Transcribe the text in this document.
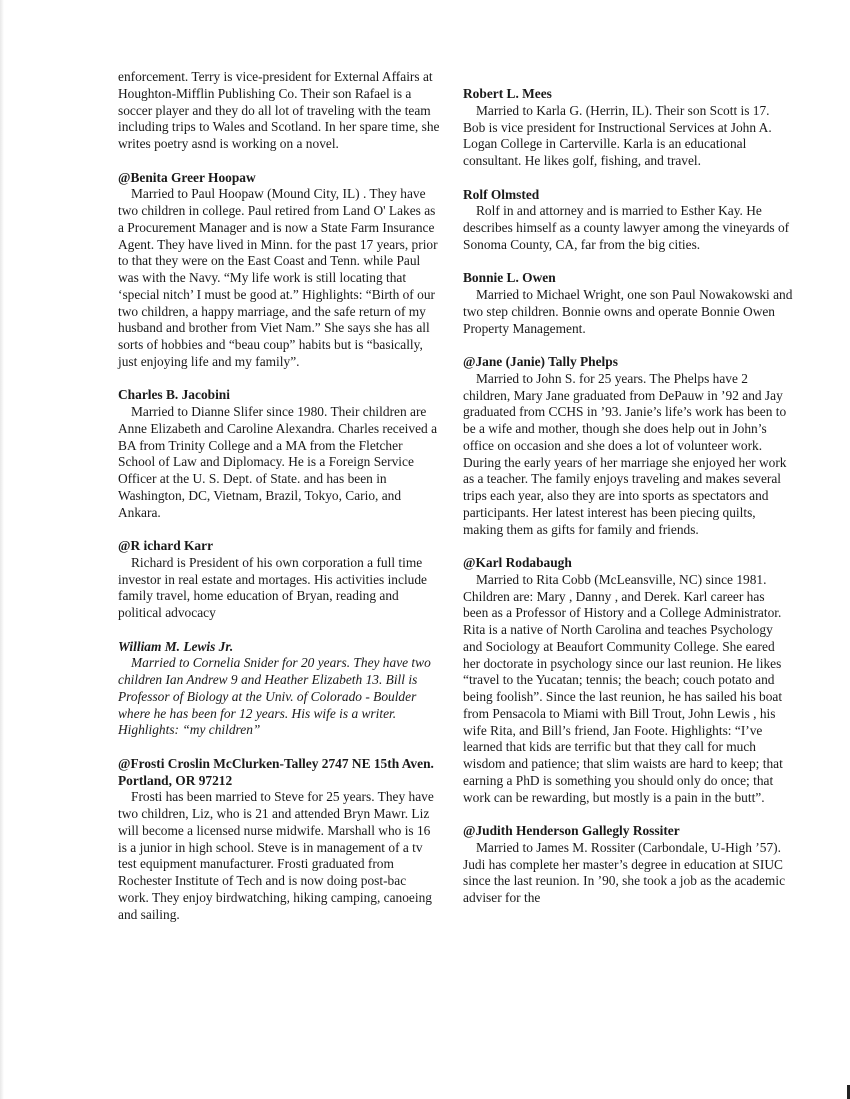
enforcement. Terry is vice-president for External Affairs at Houghton-Mifflin Publishing Co. Their son Rafael is a soccer player and they do all lot of traveling with the team including trips to Wales and Scotland. In her spare time, she writes poetry asnd is working on a novel.
@Benita Greer Hoopaw
Married to Paul Hoopaw (Mound City, IL) . They have two children in college. Paul retired from Land O' Lakes as a Procurement Manager and is now a State Farm Insurance Agent. They have lived in Minn. for the past 17 years, prior to that they were on the East Coast and Tenn. while Paul was with the Navy. “My life work is still locating that ‘special nitch’ I must be good at.” Highlights: “Birth of our two children, a happy marriage, and the safe return of my husband and brother from Viet Nam.” She says she has all sorts of hobbies and “beau coup” habits but is “basically, just enjoying life and my family”.
Charles B. Jacobini
Married to Dianne Slifer since 1980. Their children are Anne Elizabeth and Caroline Alexandra. Charles received a BA from Trinity College and a MA from the Fletcher School of Law and Diplomacy. He is a Foreign Service Officer at the U. S. Dept. of State. and has been in Washington, DC, Vietnam, Brazil, Tokyo, Cario, and Ankara.
@R ichard Karr
Richard is President of his own corporation a full time investor in real estate and mortages. His activities include family travel, home education of Bryan, reading and political advocacy
William M. Lewis Jr.
Married to Cornelia Snider for 20 years. They have two children Ian Andrew 9 and Heather Elizabeth 13. Bill is Professor of Biology at the Univ. of Colorado - Boulder where he has been for 12 years. His wife is a writer. Highlights: “my children”
@Frosti Croslin McClurken-Talley 2747 NE 15th Aven. Portland, OR 97212
Frosti has been married to Steve for 25 years. They have two children, Liz, who is 21 and attended Bryn Mawr. Liz will become a licensed nurse midwife. Marshall who is 16 is a junior in high school. Steve is in management of a tv test equipment manufacturer. Frosti graduated from Rochester Institute of Tech and is now doing post-bac work. They enjoy birdwatching, hiking camping, canoeing and sailing.
Robert L. Mees
Married to Karla G. (Herrin, IL). Their son Scott is 17. Bob is vice president for Instructional Services at John A. Logan College in Carterville. Karla is an educational consultant. He likes golf, fishing, and travel.
Rolf Olmsted
Rolf in and attorney and is married to Esther Kay. He describes himself as a county lawyer among the vineyards of Sonoma County, CA, far from the big cities.
Bonnie L. Owen
Married to Michael Wright, one son Paul Nowakowski and two step children. Bonnie owns and operate Bonnie Owen Property Management.
@Jane (Janie) Tally Phelps
Married to John S. for 25 years. The Phelps have 2 children, Mary Jane graduated from DePauw in ’92 and Jay graduated from CCHS in ’93. Janie’s life’s work has been to be a wife and mother, though she does help out in John’s office on occasion and she does a lot of volunteer work. During the early years of her marriage she enjoyed her work as a teacher. The family enjoys traveling and makes several trips each year, also they are into sports as spectators and participants. Her latest interest has been piecing quilts, making them as gifts for family and friends.
@Karl Rodabaugh
Married to Rita Cobb (McLeansville, NC) since 1981. Children are: Mary , Danny , and Derek. Karl career has been as a Professor of History and a College Administrator. Rita is a native of North Carolina and teaches Psychology and Sociology at Beaufort Community College. She eared her doctorate in psychology since our last reunion. He likes “travel to the Yucatan; tennis; the beach; couch potato and being foolish”. Since the last reunion, he has sailed his boat from Pensacola to Miami with Bill Trout, John Lewis , his wife Rita, and Bill’s friend, Jan Foote. Highlights: “I’ve learned that kids are terrific but that they call for much wisdom and patience; that slim waists are hard to keep; that earning a PhD is something you should only do once; that work can be rewarding, but mostly is a pain in the butt”.
@Judith Henderson Gallegly Rossiter
Married to James M. Rossiter (Carbondale, U-High ’57). Judi has complete her master’s degree in education at SIUC since the last reunion. In ’90, she took a job as the academic adviser for the
